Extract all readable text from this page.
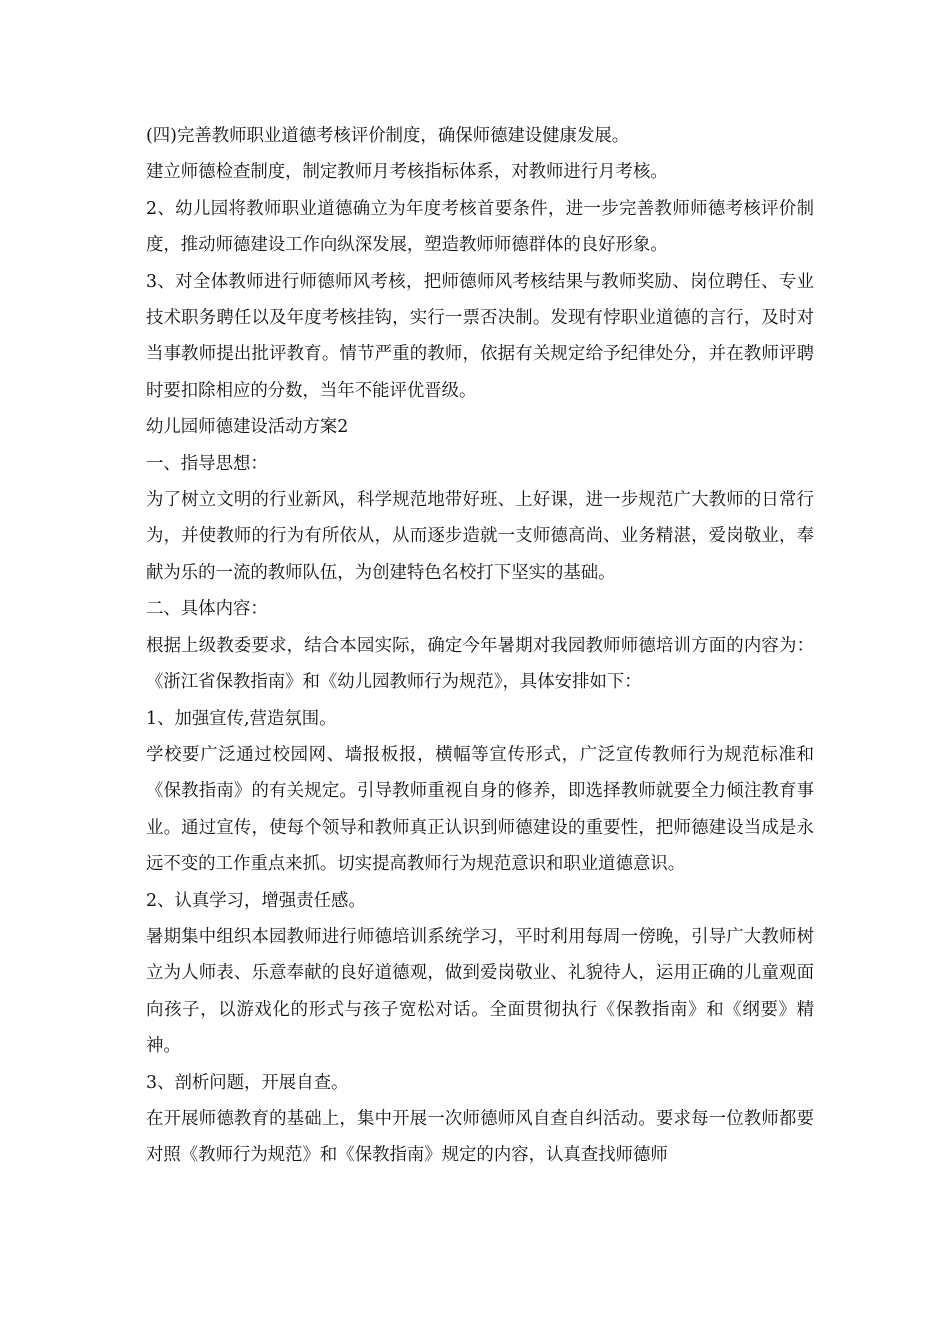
(四)完善教师职业道德考核评价制度，确保师德建设健康发展。

建立师德检查制度，制定教师月考核指标体系，对教师进行月考核。

2、幼儿园将教师职业道德确立为年度考核首要条件，进一步完善教师师德考核评价制度，推动师德建设工作向纵深发展，塑造教师师德群体的良好形象。

3、对全体教师进行师德师风考核，把师德师风考核结果与教师奖励、岗位聘任、专业技术职务聘任以及年度考核挂钩，实行一票否决制。发现有悖职业道德的言行，及时对当事教师提出批评教育。情节严重的教师，依据有关规定给予纪律处分，并在教师评聘时要扣除相应的分数，当年不能评优晋级。

幼儿园师德建设活动方案2

一、指导思想：

为了树立文明的行业新风，科学规范地带好班、上好课，进一步规范广大教师的日常行为，并使教师的行为有所依从，从而逐步造就一支师德高尚、业务精湛，爱岗敬业，奉献为乐的一流的教师队伍，为创建特色名校打下坚实的基础。

二、具体内容：

根据上级教委要求，结合本园实际，确定今年暑期对我园教师师德培训方面的内容为：《浙江省保教指南》和《幼儿园教师行为规范》，具体安排如下：

1、加强宣传,营造氛围。

学校要广泛通过校园网、墙报板报，横幅等宣传形式，广泛宣传教师行为规范标准和《保教指南》的有关规定。引导教师重视自身的修养，即选择教师就要全力倾注教育事业。通过宣传，使每个领导和教师真正认识到师德建设的重要性，把师德建设当成是永远不变的工作重点来抓。切实提高教师行为规范意识和职业道德意识。

2、认真学习，增强责任感。

暑期集中组织本园教师进行师德培训系统学习，平时利用每周一傍晚，引导广大教师树立为人师表、乐意奉献的良好道德观，做到爱岗敬业、礼貌待人，运用正确的儿童观面向孩子，以游戏化的形式与孩子宽松对话。全面贯彻执行《保教指南》和《纲要》精神。

3、剖析问题，开展自查。

在开展师德教育的基础上，集中开展一次师德师风自查自纠活动。要求每一位教师都要对照《教师行为规范》和《保教指南》规定的内容，认真查找师德师
